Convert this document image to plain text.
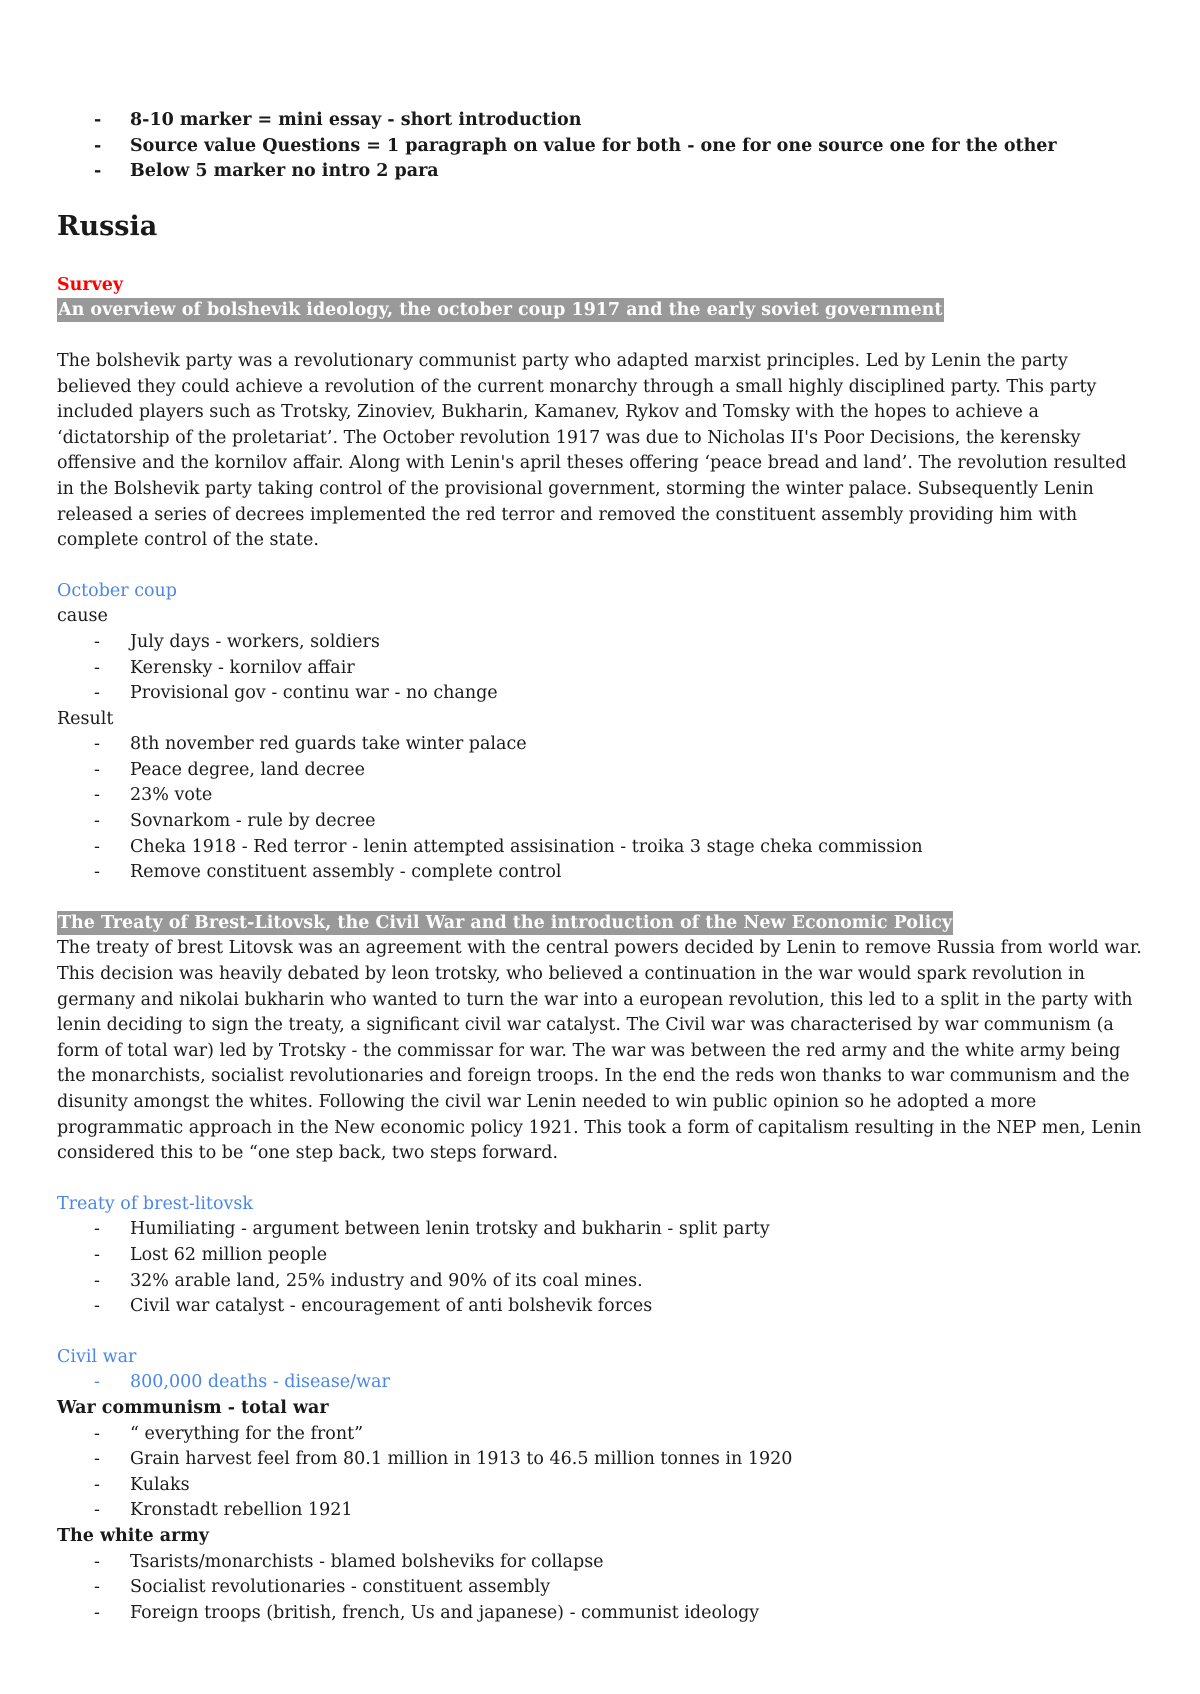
- 8-10 marker = mini essay - short introduction
- Source value Questions = 1 paragraph on value for both - one for one source one for the other
- Below 5 marker no intro 2 para
Russia
Survey
An overview of bolshevik ideology, the october coup 1917 and the early soviet government

The bolshevik party was a revolutionary communist party who adapted marxist principles. Led by Lenin the party believed they could achieve a revolution of the current monarchy through a small highly disciplined party. This party included players such as Trotsky, Zinoviev, Bukharin, Kamanev, Rykov and Tomsky with the hopes to achieve a ‘dictatorship of the proletariat’. The October revolution 1917 was due to Nicholas II's Poor Decisions, the kerensky offensive and the kornilov affair. Along with Lenin's april theses offering ‘peace bread and land’. The revolution resulted in the Bolshevik party taking control of the provisional government, storming the winter palace. Subsequently Lenin released a series of decrees implemented the red terror and removed the constituent assembly providing him with complete control of the state.

October coup
cause
- July days - workers, soldiers
- Kerensky - kornilov affair
- Provisional gov - continu war - no change
Result
- 8th november red guards take winter palace
- Peace degree, land decree
- 23% vote
- Sovnarkom - rule by decree
- Cheka 1918 - Red terror - lenin attempted assisination - troika 3 stage cheka commission
- Remove constituent assembly - complete control
The Treaty of Brest-Litovsk, the Civil War and the introduction of the New Economic Policy

The treaty of brest Litovsk was an agreement with the central powers decided by Lenin to remove Russia from world war. This decision was heavily debated by leon trotsky, who believed a continuation in the war would spark revolution in germany and nikolai bukharin who wanted to turn the war into a european revolution, this led to a split in the party with lenin deciding to sign the treaty, a significant civil war catalyst. The Civil war was characterised by war communism (a form of total war) led by Trotsky - the commissar for war. The war was between the red army and the white army being the monarchists, socialist revolutionaries and foreign troops. In the end the reds won thanks to war communism and the disunity amongst the whites. Following the civil war Lenin needed to win public opinion so he adopted a more programmatic approach in the New economic policy 1921. This took a form of capitalism resulting in the NEP men, Lenin considered this to be “one step back, two steps forward.

Treaty of brest-litovsk
- Humiliating - argument between lenin trotsky and bukharin - split party
- Lost 62 million people
- 32% arable land, 25% industry and 90% of its coal mines.
- Civil war catalyst - encouragement of anti bolshevik forces
Civil war
- 800,000 deaths - disease/war
War communism - total war
- “ everything for the front”
- Grain harvest feel from 80.1 million in 1913 to 46.5 million tonnes in 1920
- Kulaks
- Kronstadt rebellion 1921
The white army
- Tsarists/monarchists - blamed bolsheviks for collapse
- Socialist revolutionaries - constituent assembly
- Foreign troops (british, french, Us and japanese) - communist ideology
